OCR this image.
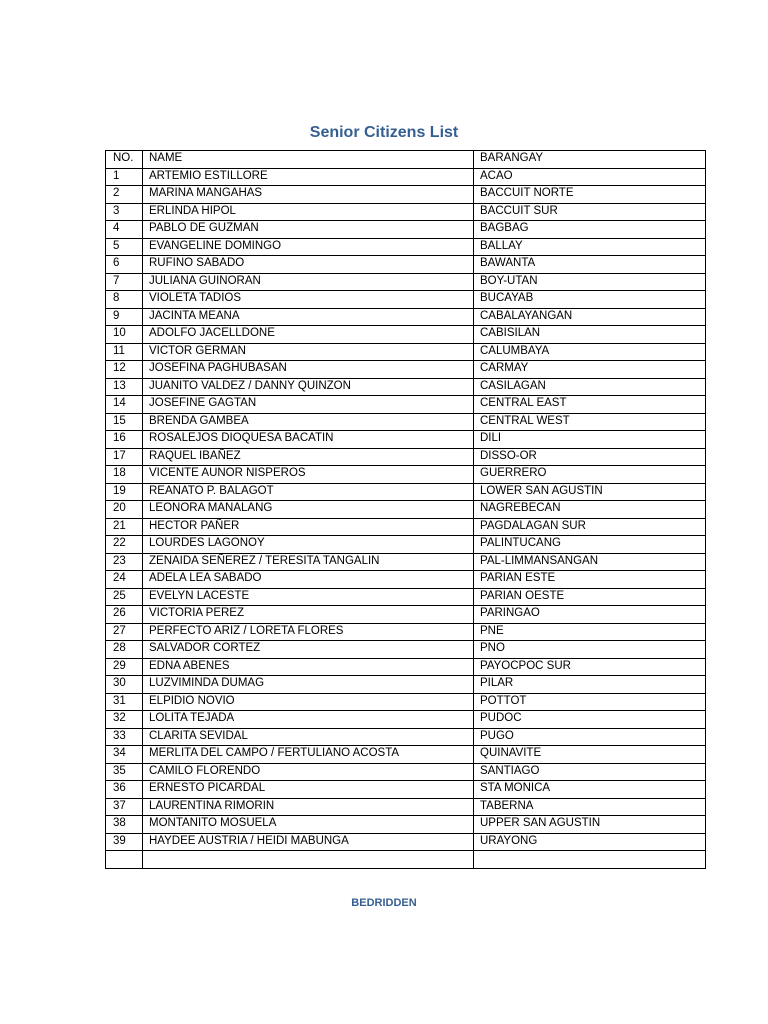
Senior Citizens List
NO.	NAME	BARANGAY
1	ARTEMIO ESTILLORE	ACAO
2	MARINA MANGAHAS	BACCUIT NORTE
3	ERLINDA HIPOL	BACCUIT SUR
4	PABLO DE GUZMAN	BAGBAG
5	EVANGELINE DOMINGO	BALLAY
6	RUFINO SABADO	BAWANTA
7	JULIANA GUINORAN	BOY-UTAN
8	VIOLETA TADIOS	BUCAYAB
9	JACINTA MEANA	CABALAYANGAN
10	ADOLFO JACELLDONE	CABISILAN
11	VICTOR GERMAN	CALUMBAYA
12	JOSEFINA PAGHUBASAN	CARMAY
13	JUANITO VALDEZ / DANNY QUINZON	CASILAGAN
14	JOSEFINE GAGTAN	CENTRAL EAST
15	BRENDA GAMBEA	CENTRAL WEST
16	ROSALEJOS DIOQUESA BACATIN	DILI
17	RAQUEL IBAÑEZ	DISSO-OR
18	VICENTE AUNOR NISPEROS	GUERRERO
19	REANATO P. BALAGOT	LOWER SAN AGUSTIN
20	LEONORA MANALANG	NAGREBECAN
21	HECTOR PAÑER	PAGDALAGAN SUR
22	LOURDES LAGONOY	PALINTUCANG
23	ZENAIDA SEÑEREZ / TERESITA TANGALIN	PAL-LIMMANSANGAN
24	ADELA LEA SABADO	PARIAN ESTE
25	EVELYN LACESTE	PARIAN OESTE
26	VICTORIA PEREZ	PARINGAO
27	PERFECTO ARIZ / LORETA FLORES	PNE
28	SALVADOR CORTEZ	PNO
29	EDNA ABENES	PAYOCPOC SUR
30	LUZVIMINDA DUMAG	PILAR
31	ELPIDIO NOVIO	POTTOT
32	LOLITA TEJADA	PUDOC
33	CLARITA SEVIDAL	PUGO
34	MERLITA DEL CAMPO / FERTULIANO ACOSTA	QUINAVITE
35	CAMILO FLORENDO	SANTIAGO
36	ERNESTO PICARDAL	STA MONICA
37	LAURENTINA RIMORIN	TABERNA
38	MONTANITO MOSUELA	UPPER SAN AGUSTIN
39	HAYDEE AUSTRIA / HEIDI MABUNGA	URAYONG

BEDRIDDEN
